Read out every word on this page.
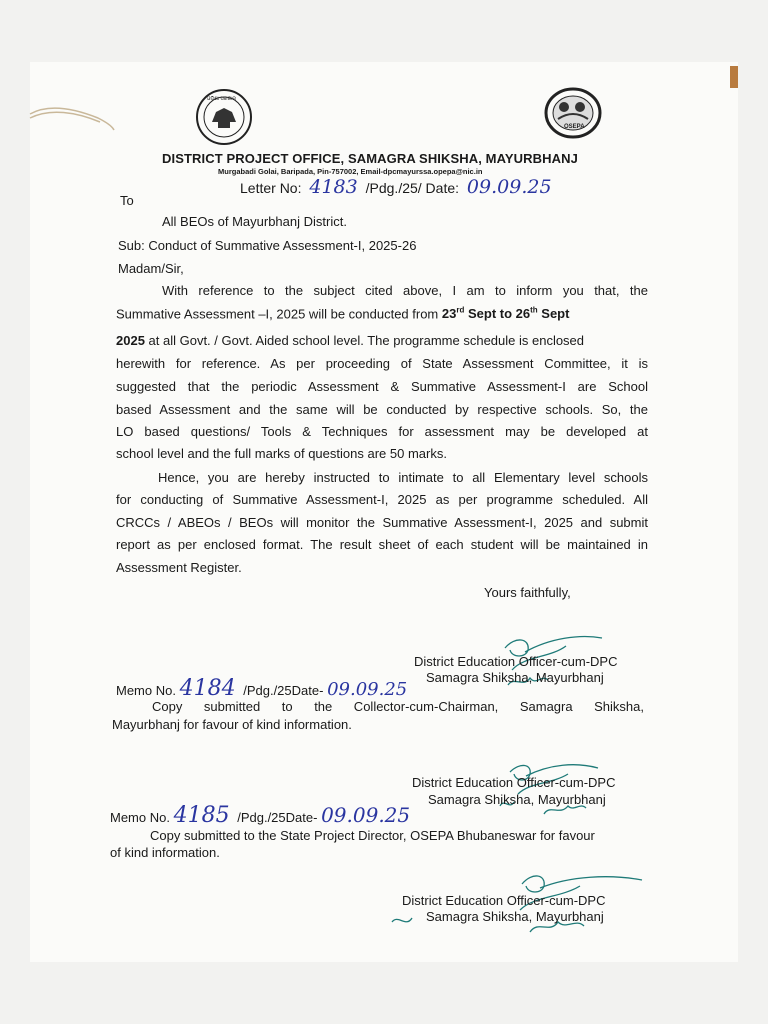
ଓଡ଼ିଶା ସରକାର
OSEPA
DISTRICT PROJECT OFFICE, SAMAGRA SHIKSHA, MAYURBHANJ
Murgabadi Golai, Baripada, Pin-757002, Email-dpcmayurssa.opepa@nic.in
Letter No: 4183 /Pdg./25/ Date: 09.09.25
To
All BEOs of Mayurbhanj District.
Sub: Conduct of Summative Assessment-I, 2025-26
Madam/Sir,
With reference to the subject cited above, I am to inform you that, the
Summative Assessment –I, 2025 will be conducted from 23rd Sept to 26th Sept
2025 at all Govt. / Govt. Aided school level. The programme schedule is enclosed
herewith for reference. As per proceeding of State Assessment Committee, it is
suggested that the periodic Assessment & Summative Assessment-I are School
based Assessment and the same will be conducted by respective schools. So, the
LO based questions/ Tools & Techniques for assessment may be developed at
school level and the full marks of questions are 50 marks.
Hence, you are hereby instructed to intimate to all Elementary level schools
for conducting of Summative Assessment-I, 2025 as per programme scheduled. All
CRCCs / ABEOs / BEOs will monitor the Summative Assessment-I, 2025 and submit
report as per enclosed format. The result sheet of each student will be maintained in
Assessment Register.
Yours faithfully,
District Education Officer-cum-DPC
Samagra Shiksha, Mayurbhanj
Memo No. 4184 /Pdg./25Date- 09.09.25
Copy submitted to the Collector-cum-Chairman, Samagra Shiksha,
Mayurbhanj for favour of kind information.
District Education Officer-cum-DPC
Samagra Shiksha, Mayurbhanj
Memo No. 4185 /Pdg./25Date- 09.09.25
Copy submitted to the State Project Director, OSEPA Bhubaneswar for favour
of kind information.
District Education Officer-cum-DPC
Samagra Shiksha, Mayurbhanj
